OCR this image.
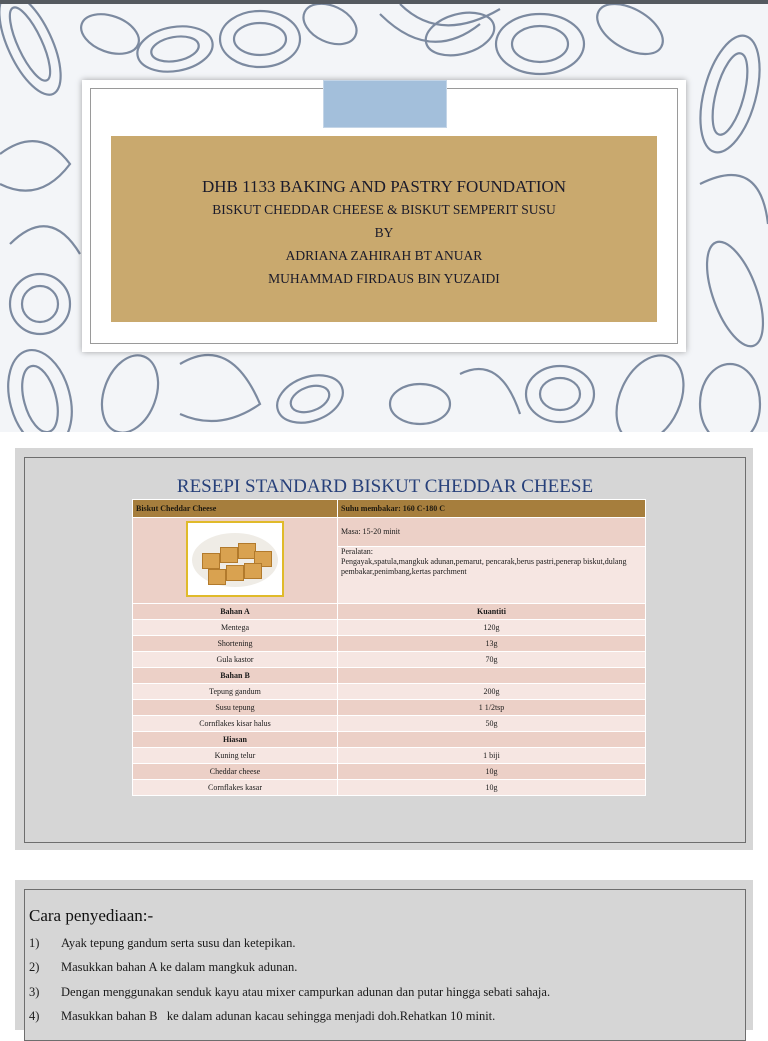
DHB 1133 BAKING AND PASTRY FOUNDATION
BISKUT CHEDDAR CHEESE & BISKUT SEMPERIT SUSU
BY
ADRIANA ZAHIRAH BT ANUAR
MUHAMMAD FIRDAUS BIN YUZAIDI
RESEPI STANDARD BISKUT CHEDDAR CHEESE
Biskut Cheddar Cheese	Suhu membakar: 160 C-180 C

	Masa: 15-20 minit

	Peralatan:
Pengayak,spatula,mangkuk adunan,pemarut, pencarak,berus pastri,penerap biskut,dulang pembakar,penimbang,kertas parchment

Bahan A	Kuantiti
Mentega	120g
Shortening	13g
Gula kastor	70g
Bahan B	
Tepung gandum	200g
Susu tepung	1 1/2tsp
Cornflakes kisar halus	50g
Hiasan	
Kuning telur	1 biji
Cheddar cheese	10g
Cornflakes kasar	10g
Cara penyediaan:-
1) Ayak tepung gandum serta susu dan ketepikan.
2) Masukkan bahan A ke dalam mangkuk adunan.
3) Dengan menggunakan senduk kayu atau mixer campurkan adunan dan putar hingga sebati sahaja.
4) Masukkan bahan B   ke dalam adunan kacau sehingga menjadi doh.Rehatkan 10 minit.
